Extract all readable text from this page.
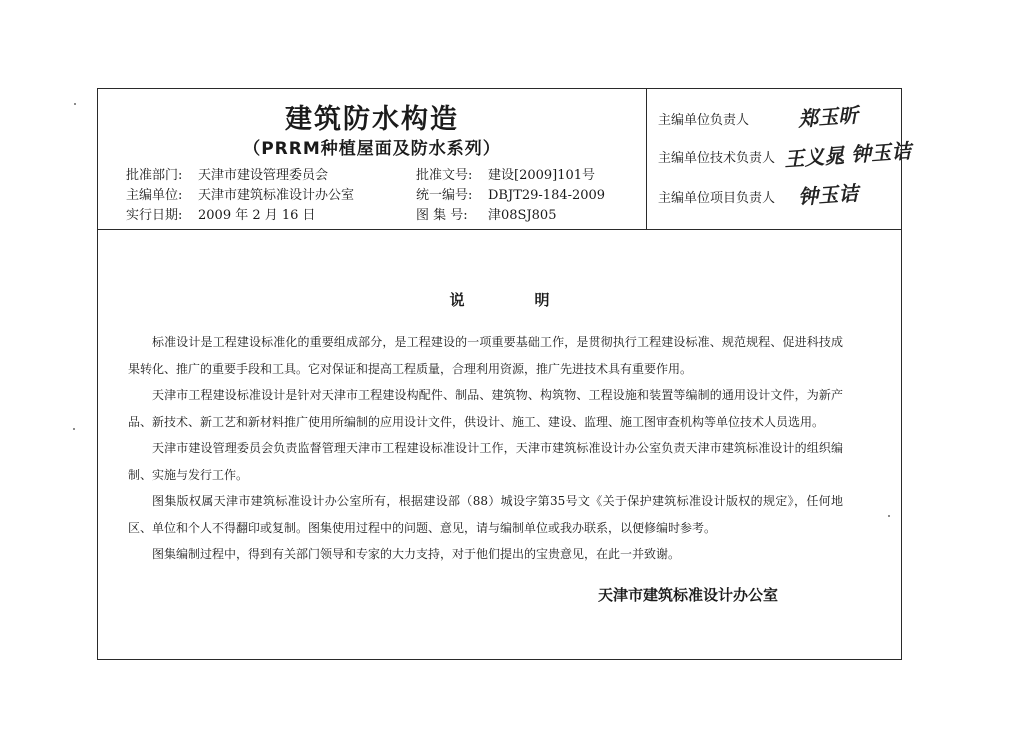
建筑防水构造
（PRRM种植屋面及防水系列）
批准部门: 天津市建设管理委员会
主编单位: 天津市建筑标准设计办公室
实行日期: 2009 年 2 月 16 日
批准文号: 建设[2009]101号
统一编号: DBJT29-184-2009
图 集 号: 津08SJ805
主编单位负责人 郑玉昕
主编单位技术负责人 王义晁 钟玉诘
主编单位项目负责人 钟玉诘
说明

标准设计是工程建设标准化的重要组成部分，是工程建设的一项重要基础工作，是贯彻执行工程建设标准、规范规程、促进科技成果转化、推广的重要手段和工具。它对保证和提高工程质量，合理利用资源，推广先进技术具有重要作用。

天津市工程建设标准设计是针对天津市工程建设构配件、制品、建筑物、构筑物、工程设施和装置等编制的通用设计文件，为新产品、新技术、新工艺和新材料推广使用所编制的应用设计文件，供设计、施工、建设、监理、施工图审查机构等单位技术人员选用。

天津市建设管理委员会负责监督管理天津市工程建设标准设计工作，天津市建筑标准设计办公室负责天津市建筑标准设计的组织编制、实施与发行工作。

图集版权属天津市建筑标准设计办公室所有，根据建设部（88）城设字第35号文《关于保护建筑标准设计版权的规定》，任何地区、单位和个人不得翻印或复制。图集使用过程中的问题、意见，请与编制单位或我办联系，以便修编时参考。

图集编制过程中，得到有关部门领导和专家的大力支持，对于他们提出的宝贵意见，在此一并致谢。

天津市建筑标准设计办公室
